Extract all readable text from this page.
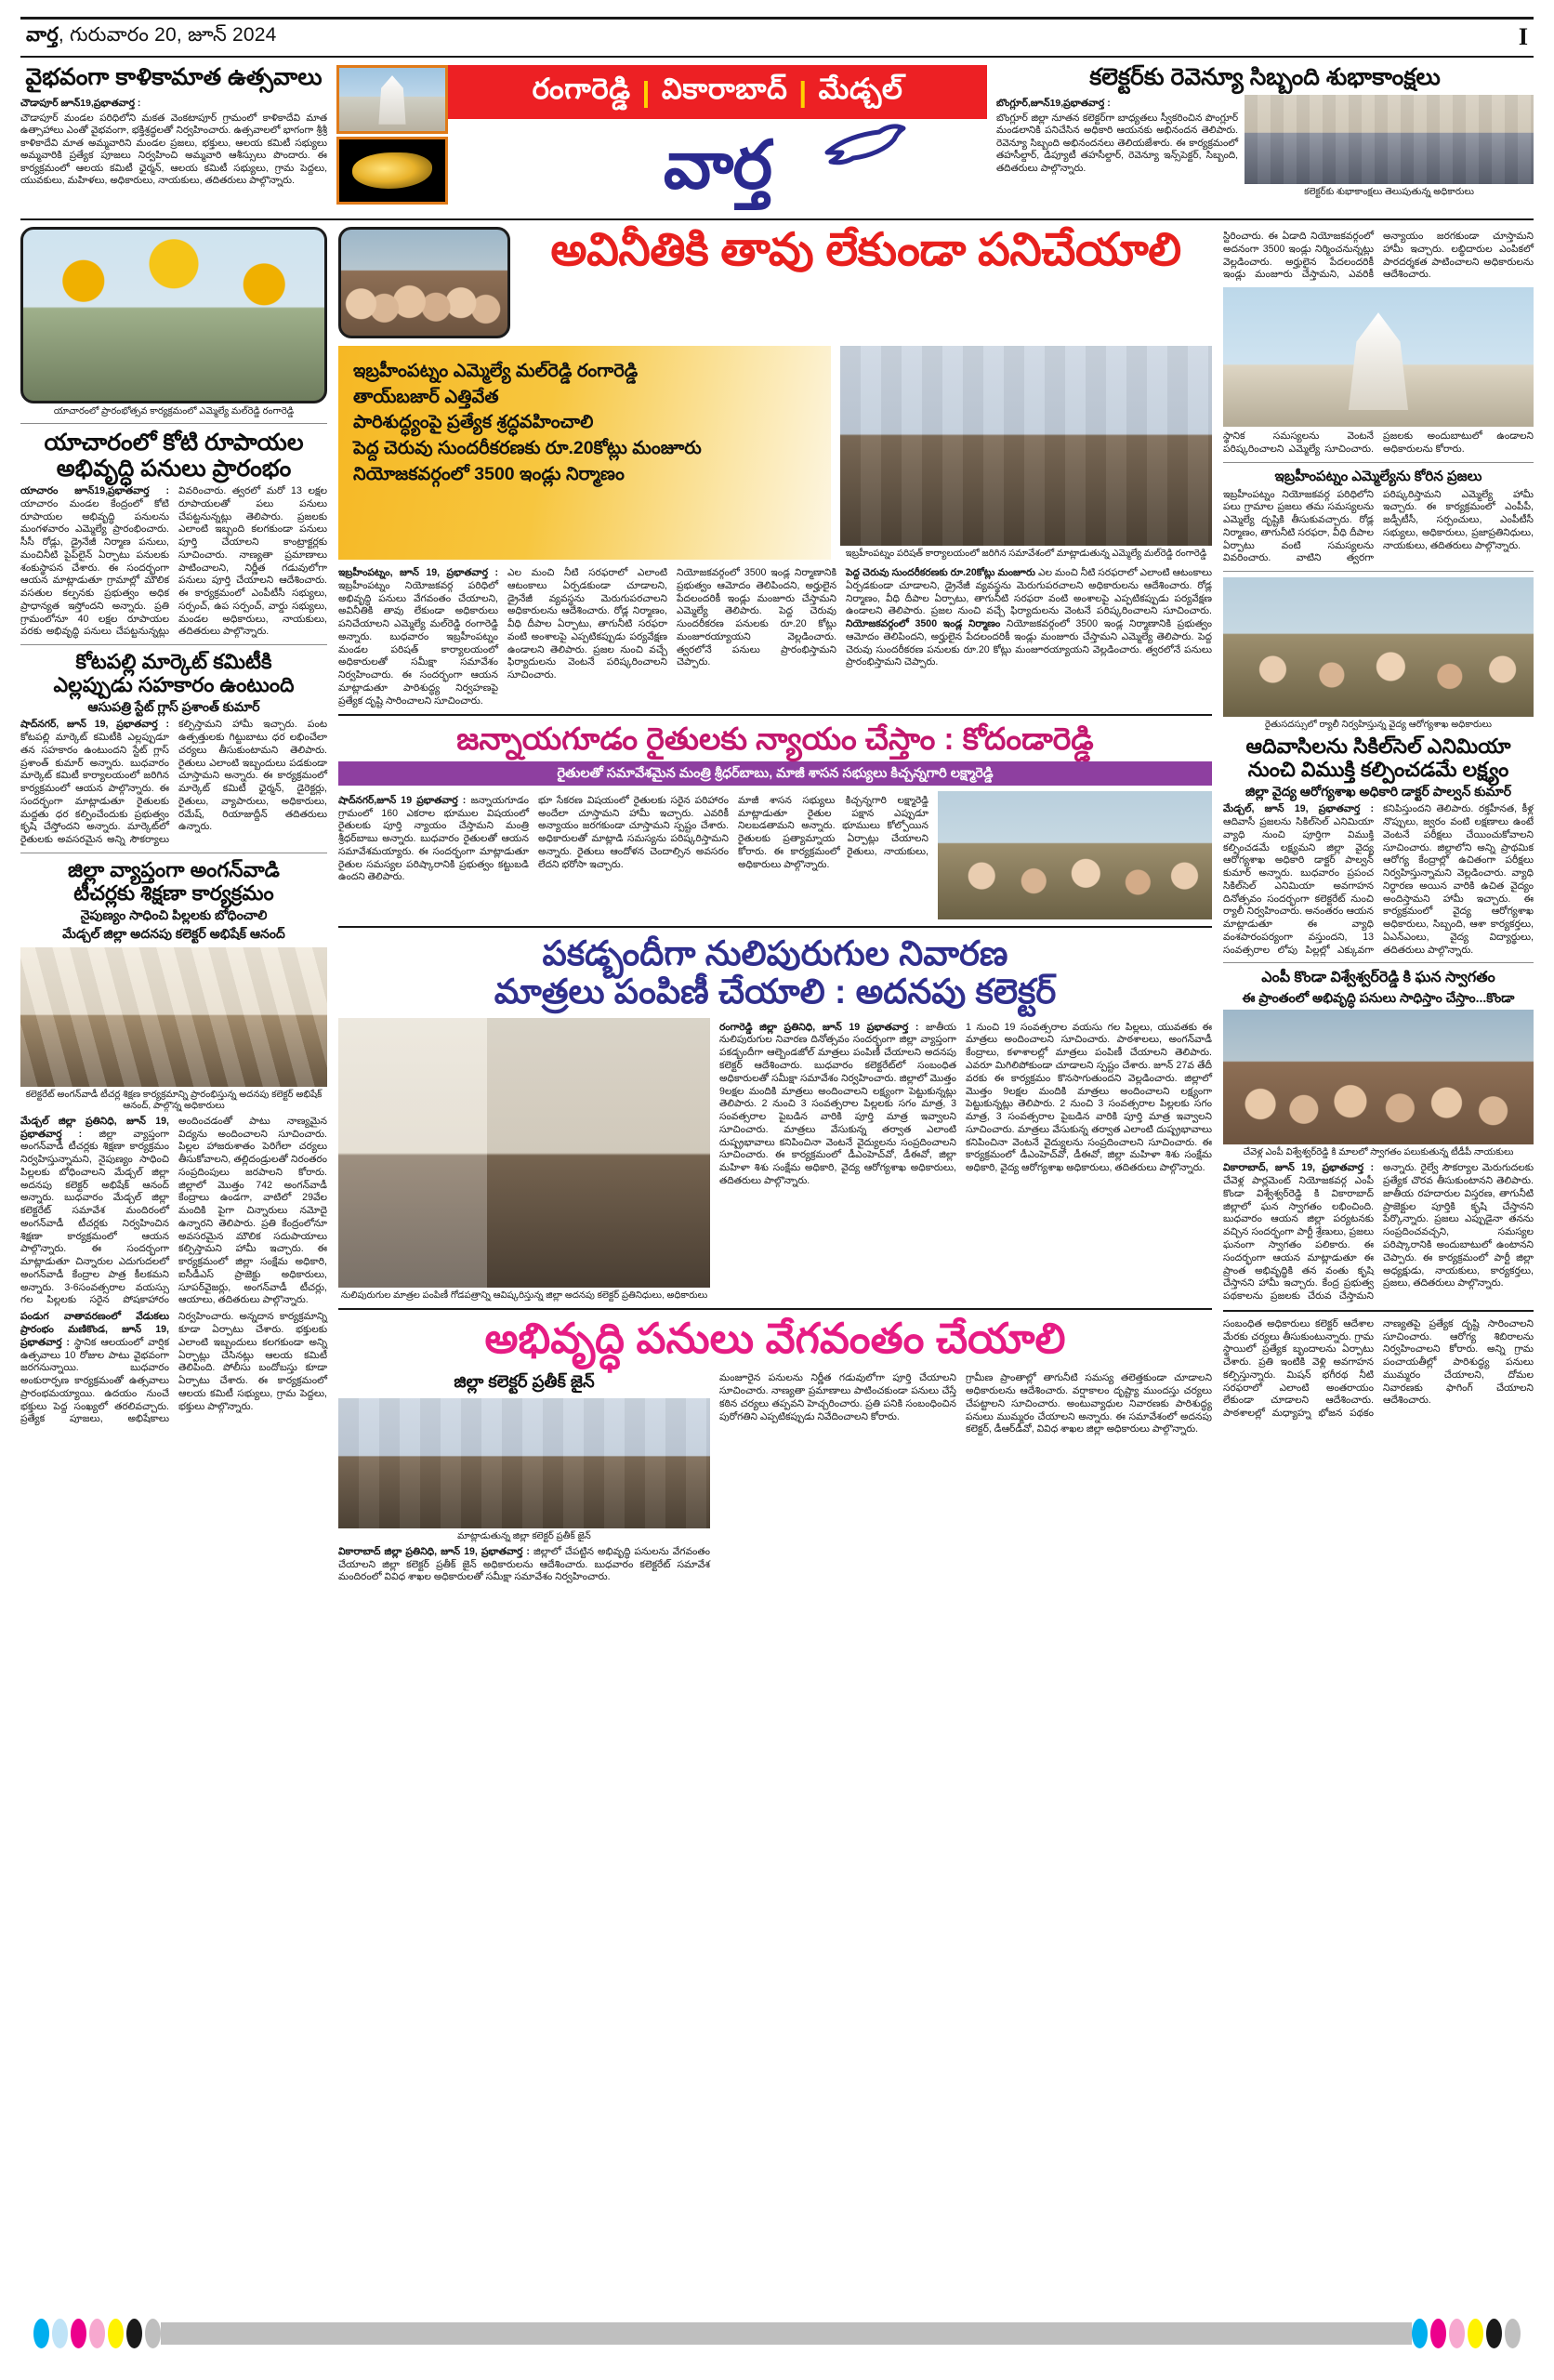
వార్త, గురువారం 20, జూన్ 2024	I
వైభవంగా కాళికామాత ఉత్సవాలు
చౌడాపూర్ జూన్19,ప్రభాతవార్త :
చౌడాపూర్ మండల పరిధిలోని మకత వెంకటాపూర్ గ్రామంలో కాళికాదేవి మాత ఉత్సాహాలు ఎంతో వైభవంగా, భక్తిశ్రద్ధలతో నిర్వహించారు. ఉత్సవాలలో భాగంగా శ్రీశ్రీ కాళికాదేవి మాత అమ్మవారిని మండల ప్రజలు, భక్తులు, ఆలయ కమిటీ సభ్యులు అమ్మవారికి ప్రత్యేక పూజలు నిర్వహించి అమ్మవారి ఆశీస్సులు పొందారు. ఈ కార్యక్రమంలో ఆలయ కమిటీ ఛైర్మన్, ఆలయ కమిటీ సభ్యులు, గ్రామ పెద్దలు, యువకులు, మహిళలు, అధికారులు, నాయకులు, తదితరులు పాల్గొన్నారు.
రంగారెడ్డి | వికారాబాద్ | మేడ్చల్
వార్త
కలెక్టర్‌కు రెవెన్యూ సిబ్బంది శుభాకాంక్షలు
బొంగ్లూర్,జూన్19,ప్రభాతవార్త :
బొంగ్లూర్ జిల్లా నూతన కలెక్టర్‌గా బాధ్యతలు స్వీకరించిన పొంగ్లూర్ మండలానికి పనిచేసిన అధికారి ఆయనకు అభినందన తెలిపారు. రెవెన్యూ సిబ్బంది అభినందనలు తెలియజేశారు. ఈ కార్యక్రమంలో తహసీల్దార్, డిప్యూటీ తహసీల్దార్, రెవెన్యూ ఇన్స్‌పెక్టర్, సిబ్బంది, తదితరులు పాల్గొన్నారు.
కలెక్టర్‌కు శుభాకాంక్షలు తెలుపుతున్న అధికారులు
యాచారంలో ప్రారంభోత్సవ కార్యక్రమంలో ఎమ్మెల్యే మల్‌రెడ్డి రంగారెడ్డి
యాచారంలో కోటి రూపాయల
అభివృద్ధి పనులు ప్రారంభం
యాచారం జూన్19,ప్రభాతవార్త : యాచారం మండల కేంద్రంలో కోటి రూపాయల అభివృద్ధి పనులను మంగళవారం ఎమ్మెల్యే ప్రారంభించారు. సీసీ రోడ్లు, డ్రైనేజీ నిర్మాణ పనులు, మంచినీటి పైప్‌లైన్ ఏర్పాటు పనులకు శంకుస్థాపన చేశారు. ఈ సందర్భంగా ఆయన మాట్లాడుతూ గ్రామాల్లో మౌలిక వసతుల కల్పనకు ప్రభుత్వం అధిక ప్రాధాన్యత ఇస్తోందని అన్నారు. ప్రతి గ్రామంలోనూ 40 లక్షల రూపాయల వరకు అభివృద్ధి పనులు చేపట్టనున్నట్లు వివరించారు. త్వరలో మరో 13 లక్షల రూపాయలతో పలు పనులు చేపట్టనున్నట్లు తెలిపారు. ప్రజలకు ఎలాంటి ఇబ్బంది కలగకుండా పనులు పూర్తి చేయాలని కాంట్రాక్టర్లకు సూచించారు. నాణ్యతా ప్రమాణాలు పాటించాలని, నిర్ణీత గడువులోగా పనులు పూర్తి చేయాలని ఆదేశించారు. ఈ కార్యక్రమంలో ఎంపీటీసీ సభ్యులు, సర్పంచ్, ఉప సర్పంచ్, వార్డు సభ్యులు, మండల అధికారులు, నాయకులు, తదితరులు పాల్గొన్నారు.
కోటపల్లి మార్కెట్ కమిటీకి
ఎల్లప్పుడు సహకారం ఉంటుంది
ఆసుపత్రి స్టేట్ గ్లాస్ ప్రశాంత్ కుమార్
షాద్‌నగర్, జూన్ 19, ప్రభాతవార్త : కోటపల్లి మార్కెట్ కమిటీకి ఎల్లప్పుడూ తన సహకారం ఉంటుందని స్టేట్ గ్లాస్ ప్రశాంత్ కుమార్ అన్నారు. బుధవారం మార్కెట్ కమిటీ కార్యాలయంలో జరిగిన కార్యక్రమంలో ఆయన పాల్గొన్నారు. ఈ సందర్భంగా మాట్లాడుతూ రైతులకు మద్దతు ధర కల్పించేందుకు ప్రభుత్వం కృషి చేస్తోందని అన్నారు. మార్కెట్‌లో రైతులకు అవసరమైన అన్ని సౌకర్యాలు కల్పిస్తామని హామీ ఇచ్చారు. పంట ఉత్పత్తులకు గిట్టుబాటు ధర లభించేలా చర్యలు తీసుకుంటామని తెలిపారు. రైతులు ఎలాంటి ఇబ్బందులు పడకుండా చూస్తామని అన్నారు. ఈ కార్యక్రమంలో మార్కెట్ కమిటీ ఛైర్మన్, డైరెక్టర్లు, రైతులు, వ్యాపారులు, అధికారులు, రమేష్, రియాజుద్దీన్ తదితరులు ఉన్నారు.
జిల్లా వ్యాప్తంగా అంగన్‌వాడి
టీచర్లకు శిక్షణా కార్యక్రమం
నైపుణ్యం సాధించి పిల్లలకు బోధించాలి
మేడ్చల్ జిల్లా అదనపు కలెక్టర్ అభిషేక్ ఆనంద్
కలెక్టరేట్ అంగన్‌వాడీ టీచర్ల శిక్షణ కార్యక్రమాన్ని ప్రారంభిస్తున్న అదనపు కలెక్టర్ అభిషేక్ ఆనంద్, పాల్గొన్న అధికారులు
మేడ్చల్ జిల్లా ప్రతినిధి, జూన్ 19, ప్రభాతవార్త : జిల్లా వ్యాప్తంగా అంగన్‌వాడీ టీచర్లకు శిక్షణా కార్యక్రమం నిర్వహిస్తున్నామని, నైపుణ్యం సాధించి పిల్లలకు బోధించాలని మేడ్చల్ జిల్లా అదనపు కలెక్టర్ అభిషేక్ ఆనంద్ అన్నారు. బుధవారం మేడ్చల్ జిల్లా కలెక్టరేట్ సమావేశ మందిరంలో అంగన్‌వాడీ టీచర్లకు నిర్వహించిన శిక్షణా కార్యక్రమంలో ఆయన పాల్గొన్నారు. ఈ సందర్భంగా మాట్లాడుతూ చిన్నారుల ఎదుగుదలలో అంగన్‌వాడీ కేంద్రాల పాత్ర కీలకమని అన్నారు. 3-6సంవత్సరాల వయస్సు గల పిల్లలకు సరైన పోషకాహారం అందించడంతో పాటు నాణ్యమైన విద్యను అందించాలని సూచించారు. పిల్లల హాజరుశాతం పెరిగేలా చర్యలు తీసుకోవాలని, తల్లిదండ్రులతో నిరంతరం సంప్రదింపులు జరపాలని కోరారు. జిల్లాలో మొత్తం 742 అంగన్‌వాడీ కేంద్రాలు ఉండగా, వాటిలో 29వేల మందికి పైగా చిన్నారులు నమోదై ఉన్నారని తెలిపారు. ప్రతి కేంద్రంలోనూ అవసరమైన మౌలిక సదుపాయాలు కల్పిస్తామని హామీ ఇచ్చారు. ఈ కార్యక్రమంలో జిల్లా సంక్షేమ అధికారి, ఐసీడీఎస్ ప్రాజెక్టు అధికారులు, సూపర్‌వైజర్లు, అంగన్‌వాడీ టీచర్లు, ఆయాలు, తదితరులు పాల్గొన్నారు.
పండుగ వాతావరణంలో వేడుకలు ప్రారంభం మణికొండ, జూన్ 19, ప్రభాతవార్త : స్థానిక ఆలయంలో వార్షిక ఉత్సవాలు 10 రోజుల పాటు వైభవంగా జరగనున్నాయి. బుధవారం అంకురార్పణ కార్యక్రమంతో ఉత్సవాలు ప్రారంభమయ్యాయి. ఉదయం నుంచే భక్తులు పెద్ద సంఖ్యలో తరలివచ్చారు. ప్రత్యేక పూజలు, అభిషేకాలు నిర్వహించారు. అన్నదాన కార్యక్రమాన్ని కూడా ఏర్పాటు చేశారు. భక్తులకు ఎలాంటి ఇబ్బందులు కలగకుండా అన్ని ఏర్పాట్లు చేసినట్లు ఆలయ కమిటీ తెలిపింది. పోలీసు బందోబస్తు కూడా ఏర్పాటు చేశారు. ఈ కార్యక్రమంలో ఆలయ కమిటీ సభ్యులు, గ్రామ పెద్దలు, భక్తులు పాల్గొన్నారు.
అవినీతికి తావు లేకుండా పనిచేయాలి
ఇబ్రహీంపట్నం ఎమ్మెల్యే మల్‌రెడ్డి రంగారెడ్డి
తాయ్‌బజార్ ఎత్తివేత
పారిశుద్ధ్యంపై ప్రత్యేక శ్రద్ధవహించాలి
పెద్ద చెరువు సుందరీకరణకు రూ.20కోట్లు మంజూరు
నియోజకవర్గంలో 3500 ఇండ్లు నిర్మాణం
ఇబ్రహీంపట్నం పరిషత్ కార్యాలయంలో జరిగిన సమావేశంలో మాట్లాడుతున్న ఎమ్మెల్యే మల్‌రెడ్డి రంగారెడ్డి
ఇబ్రహీంపట్నం, జూన్ 19, ప్రభాతవార్త : ఇబ్రహీంపట్నం నియోజకవర్గ పరిధిలో అభివృద్ధి పనులు వేగవంతం చేయాలని, అవినీతికి తావు లేకుండా అధికారులు పనిచేయాలని ఎమ్మెల్యే మల్‌రెడ్డి రంగారెడ్డి అన్నారు. బుధవారం ఇబ్రహీంపట్నం మండల పరిషత్ కార్యాలయంలో అధికారులతో సమీక్షా సమావేశం నిర్వహించారు. ఈ సందర్భంగా ఆయన మాట్లాడుతూ పారిశుద్ధ్య నిర్వహణపై ప్రత్యేక దృష్టి సారించాలని సూచించారు.
ఎల మంచి నీటి సరఫరాలో ఎలాంటి ఆటంకాలు ఏర్పడకుండా చూడాలని, డ్రైనేజీ వ్యవస్థను మెరుగుపరచాలని అధికారులను ఆదేశించారు. రోడ్ల నిర్మాణం, వీధి దీపాల ఏర్పాటు, తాగునీటి సరఫరా వంటి అంశాలపై ఎప్పటికప్పుడు పర్యవేక్షణ ఉండాలని తెలిపారు. ప్రజల నుంచి వచ్చే ఫిర్యాదులను వెంటనే పరిష్కరించాలని సూచించారు.
నియోజకవర్గంలో 3500 ఇండ్ల నిర్మాణానికి ప్రభుత్వం ఆమోదం తెలిపిందని, అర్హులైన పేదలందరికీ ఇండ్లు మంజూరు చేస్తామని ఎమ్మెల్యే తెలిపారు. పెద్ద చెరువు సుందరీకరణ పనులకు రూ.20 కోట్లు మంజూరయ్యాయని వెల్లడించారు. త్వరలోనే పనులు ప్రారంభిస్తామని చెప్పారు.
పెద్ద చెరువు సుందరీకరణకు రూ.20కోట్లు మంజూరు ఎల మంచి నీటి సరఫరాలో ఎలాంటి ఆటంకాలు ఏర్పడకుండా చూడాలని, డ్రైనేజీ వ్యవస్థను మెరుగుపరచాలని అధికారులను ఆదేశించారు. రోడ్ల నిర్మాణం, వీధి దీపాల ఏర్పాటు, తాగునీటి సరఫరా వంటి అంశాలపై ఎప్పటికప్పుడు పర్యవేక్షణ ఉండాలని తెలిపారు. ప్రజల నుంచి వచ్చే ఫిర్యాదులను వెంటనే పరిష్కరించాలని సూచించారు. నియోజకవర్గంలో 3500 ఇండ్ల నిర్మాణం నియోజకవర్గంలో 3500 ఇండ్ల నిర్మాణానికి ప్రభుత్వం ఆమోదం తెలిపిందని, అర్హులైన పేదలందరికీ ఇండ్లు మంజూరు చేస్తామని ఎమ్మెల్యే తెలిపారు. పెద్ద చెరువు సుందరీకరణ పనులకు రూ.20 కోట్లు మంజూరయ్యాయని వెల్లడించారు. త్వరలోనే పనులు ప్రారంభిస్తామని చెప్పారు.
జన్నాయగూడం రైతులకు న్యాయం చేస్తాం : కోదండారెడ్డి
రైతులతో సమావేశమైన మంత్రి శ్రీధర్‌బాబు, మాజీ శాసన సభ్యులు కిచ్చన్నగారి లక్ష్మారెడ్డి
షాద్‌నగర్,జూన్ 19 ప్రభాతవార్త : జన్నాయగూడం గ్రామంలో 160 ఎకరాల భూముల విషయంలో రైతులకు పూర్తి న్యాయం చేస్తామని మంత్రి శ్రీధర్‌బాబు అన్నారు. బుధవారం రైతులతో ఆయన సమావేశమయ్యారు. ఈ సందర్భంగా మాట్లాడుతూ రైతుల సమస్యల పరిష్కారానికి ప్రభుత్వం కట్టుబడి ఉందని తెలిపారు.
భూ సేకరణ విషయంలో రైతులకు సరైన పరిహారం అందేలా చూస్తామని హామీ ఇచ్చారు. ఎవరికీ అన్యాయం జరగకుండా చూస్తామని స్పష్టం చేశారు. అధికారులతో మాట్లాడి సమస్యను పరిష్కరిస్తామని అన్నారు. రైతులు ఆందోళన చెందాల్సిన అవసరం లేదని భరోసా ఇచ్చారు.
మాజీ శాసన సభ్యులు కిచ్చన్నగారి లక్ష్మారెడ్డి మాట్లాడుతూ రైతుల పక్షాన ఎప్పుడూ నిలబడతామని అన్నారు. భూములు కోల్పోయిన రైతులకు ప్రత్యామ్నాయ ఏర్పాట్లు చేయాలని కోరారు. ఈ కార్యక్రమంలో రైతులు, నాయకులు, అధికారులు పాల్గొన్నారు.
పకడ్బందీగా నులిపురుగుల నివారణ
మాత్రలు పంపిణీ చేయాలి : అదనపు కలెక్టర్
నులిపురుగుల మాత్రల పంపిణీ గోడపత్రాన్ని ఆవిష్కరిస్తున్న జిల్లా అదనపు కలెక్టర్ ప్రతినిధులు, అధికారులు
రంగారెడ్డి జిల్లా ప్రతినిధి, జూన్ 19 ప్రభాతవార్త : జాతీయ నులిపురుగుల నివారణ దినోత్సవం సందర్భంగా జిల్లా వ్యాప్తంగా పకడ్బందీగా ఆల్బెండజోల్ మాత్రలు పంపిణీ చేయాలని అదనపు కలెక్టర్ ఆదేశించారు. బుధవారం కలెక్టరేట్‌లో సంబంధిత అధికారులతో సమీక్షా సమావేశం నిర్వహించారు. జిల్లాలో మొత్తం 9లక్షల మందికి మాత్రలు అందించాలని లక్ష్యంగా పెట్టుకున్నట్లు తెలిపారు. 2 నుంచి 3 సంవత్సరాల పిల్లలకు సగం మాత్ర, 3 సంవత్సరాల పైబడిన వారికి పూర్తి మాత్ర ఇవ్వాలని సూచించారు. మాత్రలు వేసుకున్న తర్వాత ఎలాంటి దుష్ప్రభావాలు కనిపించినా వెంటనే వైద్యులను సంప్రదించాలని సూచించారు. ఈ కార్యక్రమంలో డీఎంహెచ్‌వో, డీఈవో, జిల్లా మహిళా శిశు సంక్షేమ అధికారి, వైద్య ఆరోగ్యశాఖ అధికారులు, తదితరులు పాల్గొన్నారు.
1 నుంచి 19 సంవత్సరాల వయసు గల పిల్లలు, యువతకు ఈ మాత్రలు అందించాలని సూచించారు. పాఠశాలలు, అంగన్‌వాడీ కేంద్రాలు, కళాశాలల్లో మాత్రలు పంపిణీ చేయాలని తెలిపారు. ఎవరూ మిగిలిపోకుండా చూడాలని స్పష్టం చేశారు. జూన్ 27వ తేదీ వరకు ఈ కార్యక్రమం కొనసాగుతుందని వెల్లడించారు. జిల్లాలో మొత్తం 9లక్షల మందికి మాత్రలు అందించాలని లక్ష్యంగా పెట్టుకున్నట్లు తెలిపారు. 2 నుంచి 3 సంవత్సరాల పిల్లలకు సగం మాత్ర, 3 సంవత్సరాల పైబడిన వారికి పూర్తి మాత్ర ఇవ్వాలని సూచించారు. మాత్రలు వేసుకున్న తర్వాత ఎలాంటి దుష్ప్రభావాలు కనిపించినా వెంటనే వైద్యులను సంప్రదించాలని సూచించారు. ఈ కార్యక్రమంలో డీఎంహెచ్‌వో, డీఈవో, జిల్లా మహిళా శిశు సంక్షేమ అధికారి, వైద్య ఆరోగ్యశాఖ అధికారులు, తదితరులు పాల్గొన్నారు.
అభివృద్ధి పనులు వేగవంతం చేయాలి
జిల్లా కలెక్టర్ ప్రతీక్ జైన్
మాట్లాడుతున్న జిల్లా కలెక్టర్ ప్రతీక్ జైన్
వికారాబాద్ జిల్లా ప్రతినిధి, జూన్ 19, ప్రభాతవార్త : జిల్లాలో చేపట్టిన అభివృద్ధి పనులను వేగవంతం చేయాలని జిల్లా కలెక్టర్ ప్రతీక్ జైన్ అధికారులను ఆదేశించారు. బుధవారం కలెక్టరేట్ సమావేశ మందిరంలో వివిధ శాఖల అధికారులతో సమీక్షా సమావేశం నిర్వహించారు.
మంజూరైన పనులను నిర్ణీత గడువులోగా పూర్తి చేయాలని సూచించారు. నాణ్యతా ప్రమాణాలు పాటించకుండా పనులు చేస్తే కఠిన చర్యలు తప్పవని హెచ్చరించారు. ప్రతి పనికి సంబంధించిన పురోగతిని ఎప్పటికప్పుడు నివేదించాలని కోరారు.
గ్రామీణ ప్రాంతాల్లో తాగునీటి సమస్య తలెత్తకుండా చూడాలని అధికారులను ఆదేశించారు. వర్షాకాలం దృష్ట్యా ముందస్తు చర్యలు చేపట్టాలని సూచించారు. అంటువ్యాధుల నివారణకు పారిశుద్ధ్య పనులు ముమ్మరం చేయాలని అన్నారు. ఈ సమావేశంలో అదనపు కలెక్టర్, డీఆర్‌డీవో, వివిధ శాఖల జిల్లా అధికారులు పాల్గొన్నారు.
స్టిరించారు. ఈ ఏడాది నియోజకవర్గంలో అదనంగా 3500 ఇండ్లు నిర్మించనున్నట్లు వెల్లడించారు. అర్హులైన పేదలందరికీ ఇండ్లు మంజూరు చేస్తామని, ఎవరికీ అన్యాయం జరగకుండా చూస్తామని హామీ ఇచ్చారు. లబ్ధిదారుల ఎంపికలో పారదర్శకత పాటించాలని అధికారులను ఆదేశించారు.
స్థానిక సమస్యలను వెంటనే పరిష్కరించాలని ఎమ్మెల్యే సూచించారు. ప్రజలకు అందుబాటులో ఉండాలని అధికారులను కోరారు.
ఇబ్రహీంపట్నం ఎమ్మెల్యేను కోరిన ప్రజలు
ఇబ్రహీంపట్నం నియోజకవర్గ పరిధిలోని పలు గ్రామాల ప్రజలు తమ సమస్యలను ఎమ్మెల్యే దృష్టికి తీసుకువచ్చారు. రోడ్ల నిర్మాణం, తాగునీటి సరఫరా, వీధి దీపాల ఏర్పాటు వంటి సమస్యలను వివరించారు. వాటిని త్వరగా పరిష్కరిస్తామని ఎమ్మెల్యే హామీ ఇచ్చారు. ఈ కార్యక్రమంలో ఎంపీపీ, జడ్పీటీసీ, సర్పంచులు, ఎంపీటీసీ సభ్యులు, అధికారులు, ప్రజాప్రతినిధులు, నాయకులు, తదితరులు పాల్గొన్నారు.
రైతుసదస్సులో ర్యాలీ నిర్వహిస్తున్న వైద్య ఆరోగ్యశాఖ అధికారులు
ఆదివాసిలను సికిల్‌సెల్ ఎనిమియా
నుంచి విముక్తి కల్పించడమే లక్ష్యం
జిల్లా వైద్య ఆరోగ్యశాఖ అధికారి డాక్టర్ పాల్వన్ కుమార్
మేడ్చల్, జూన్ 19, ప్రభాతవార్త : ఆదివాసీ ప్రజలను సికిల్‌సెల్ ఎనిమియా వ్యాధి నుంచి పూర్తిగా విముక్తి కల్పించడమే లక్ష్యమని జిల్లా వైద్య ఆరోగ్యశాఖ అధికారి డాక్టర్ పాల్వన్ కుమార్ అన్నారు. బుధవారం ప్రపంచ సికిల్‌సెల్ ఎనిమియా అవగాహన దినోత్సవం సందర్భంగా కలెక్టరేట్ నుంచి ర్యాలీ నిర్వహించారు. అనంతరం ఆయన మాట్లాడుతూ ఈ వ్యాధి వంశపారంపర్యంగా వస్తుందని, 13 సంవత్సరాల లోపు పిల్లల్లో ఎక్కువగా కనిపిస్తుందని తెలిపారు. రక్తహీనత, కీళ్ల నొప్పులు, జ్వరం వంటి లక్షణాలు ఉంటే వెంటనే పరీక్షలు చేయించుకోవాలని సూచించారు. జిల్లాలోని అన్ని ప్రాథమిక ఆరోగ్య కేంద్రాల్లో ఉచితంగా పరీక్షలు నిర్వహిస్తున్నామని వెల్లడించారు. వ్యాధి నిర్ధారణ అయిన వారికి ఉచిత వైద్యం అందిస్తామని హామీ ఇచ్చారు. ఈ కార్యక్రమంలో వైద్య ఆరోగ్యశాఖ అధికారులు, సిబ్బంది, ఆశా కార్యకర్తలు, ఏఎన్‌ఎంలు, వైద్య విద్యార్థులు, తదితరులు పాల్గొన్నారు.
ఎంపీ కొండా విశ్వేశ్వర్‌రెడ్డి కి ఘన స్వాగతం
ఈ ప్రాంతంలో అభివృద్ధి పనులు సాధిస్తాం చేస్తాం...కొండా
చేవెళ్ల ఎంపీ విశ్వేశ్వర్‌రెడ్డి కి మాలలో స్వాగతం పలుకుతున్న టీడీపీ నాయకులు
వికారాబాద్, జూన్ 19, ప్రభాతవార్త : చేవెళ్ల పార్లమెంట్ నియోజకవర్గ ఎంపీ కొండా విశ్వేశ్వర్‌రెడ్డి కి వికారాబాద్ జిల్లాలో ఘన స్వాగతం లభించింది. బుధవారం ఆయన జిల్లా పర్యటనకు వచ్చిన సందర్భంగా పార్టీ శ్రేణులు, ప్రజలు ఘనంగా స్వాగతం పలికారు. ఈ సందర్భంగా ఆయన మాట్లాడుతూ ఈ ప్రాంత అభివృద్ధికి తన వంతు కృషి చేస్తానని హామీ ఇచ్చారు. కేంద్ర ప్రభుత్వ పథకాలను ప్రజలకు చేరువ చేస్తామని అన్నారు. రైల్వే సౌకర్యాల మెరుగుదలకు ప్రత్యేక చొరవ తీసుకుంటానని తెలిపారు. జాతీయ రహదారుల విస్తరణ, తాగునీటి ప్రాజెక్టుల పూర్తికి కృషి చేస్తానని పేర్కొన్నారు. ప్రజలు ఎప్పుడైనా తనను సంప్రదించవచ్చని, సమస్యల పరిష్కారానికి అందుబాటులో ఉంటానని చెప్పారు. ఈ కార్యక్రమంలో పార్టీ జిల్లా అధ్యక్షుడు, నాయకులు, కార్యకర్తలు, ప్రజలు, తదితరులు పాల్గొన్నారు.
సంబంధిత అధికారులు కలెక్టర్ ఆదేశాల మేరకు చర్యలు తీసుకుంటున్నారు. గ్రామ స్థాయిలో ప్రత్యేక బృందాలను ఏర్పాటు చేశారు. ప్రతి ఇంటికి వెళ్లి అవగాహన కల్పిస్తున్నారు. మిషన్ భగీరథ నీటి సరఫరాలో ఎలాంటి అంతరాయం లేకుండా చూడాలని ఆదేశించారు. పాఠశాలల్లో మధ్యాహ్న భోజన పథకం నాణ్యతపై ప్రత్యేక దృష్టి సారించాలని సూచించారు. ఆరోగ్య శిబిరాలను నిర్వహించాలని కోరారు. అన్ని గ్రామ పంచాయతీల్లో పారిశుద్ధ్య పనులు ముమ్మరం చేయాలని, దోమల నివారణకు ఫాగింగ్ చేయాలని ఆదేశించారు.
